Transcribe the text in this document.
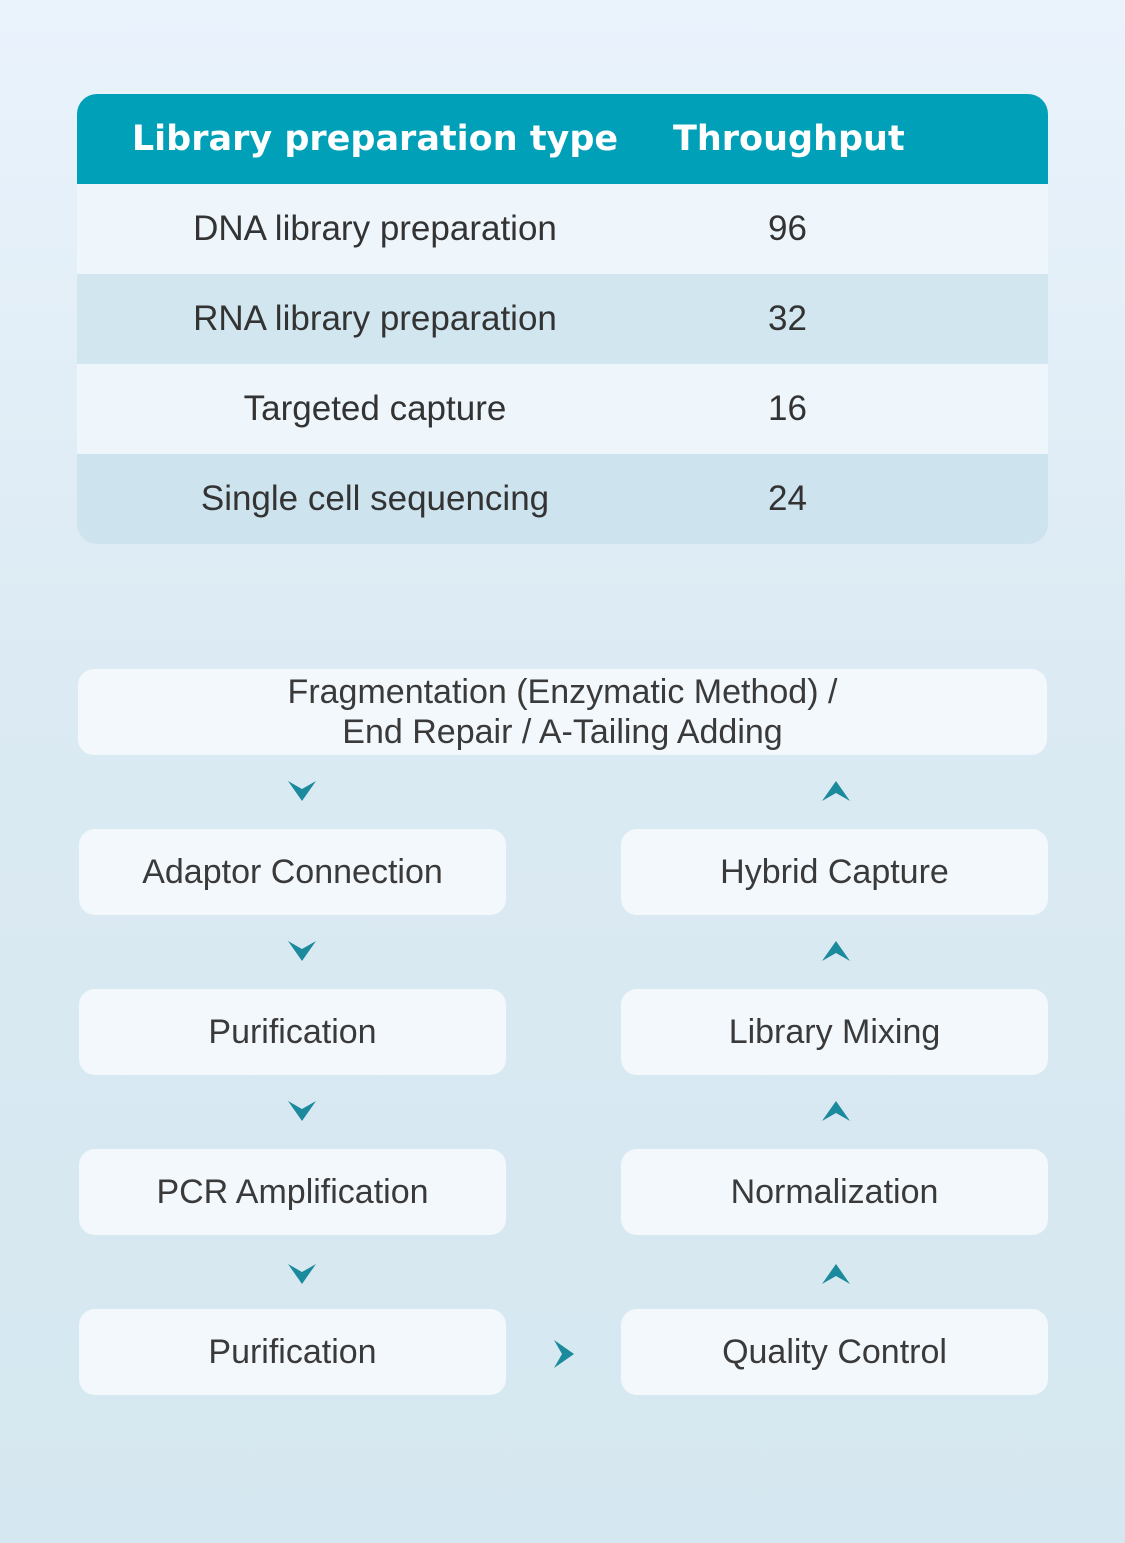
Library preparation type	Throughput
DNA library preparation	96
RNA library preparation	32
Targeted capture	16
Single cell sequencing	24
Fragmentation (Enzymatic Method) /
End Repair / A-Tailing Adding
Adaptor Connection
Purification
PCR Amplification
Purification
Hybrid Capture
Library Mixing
Normalization
Quality Control
